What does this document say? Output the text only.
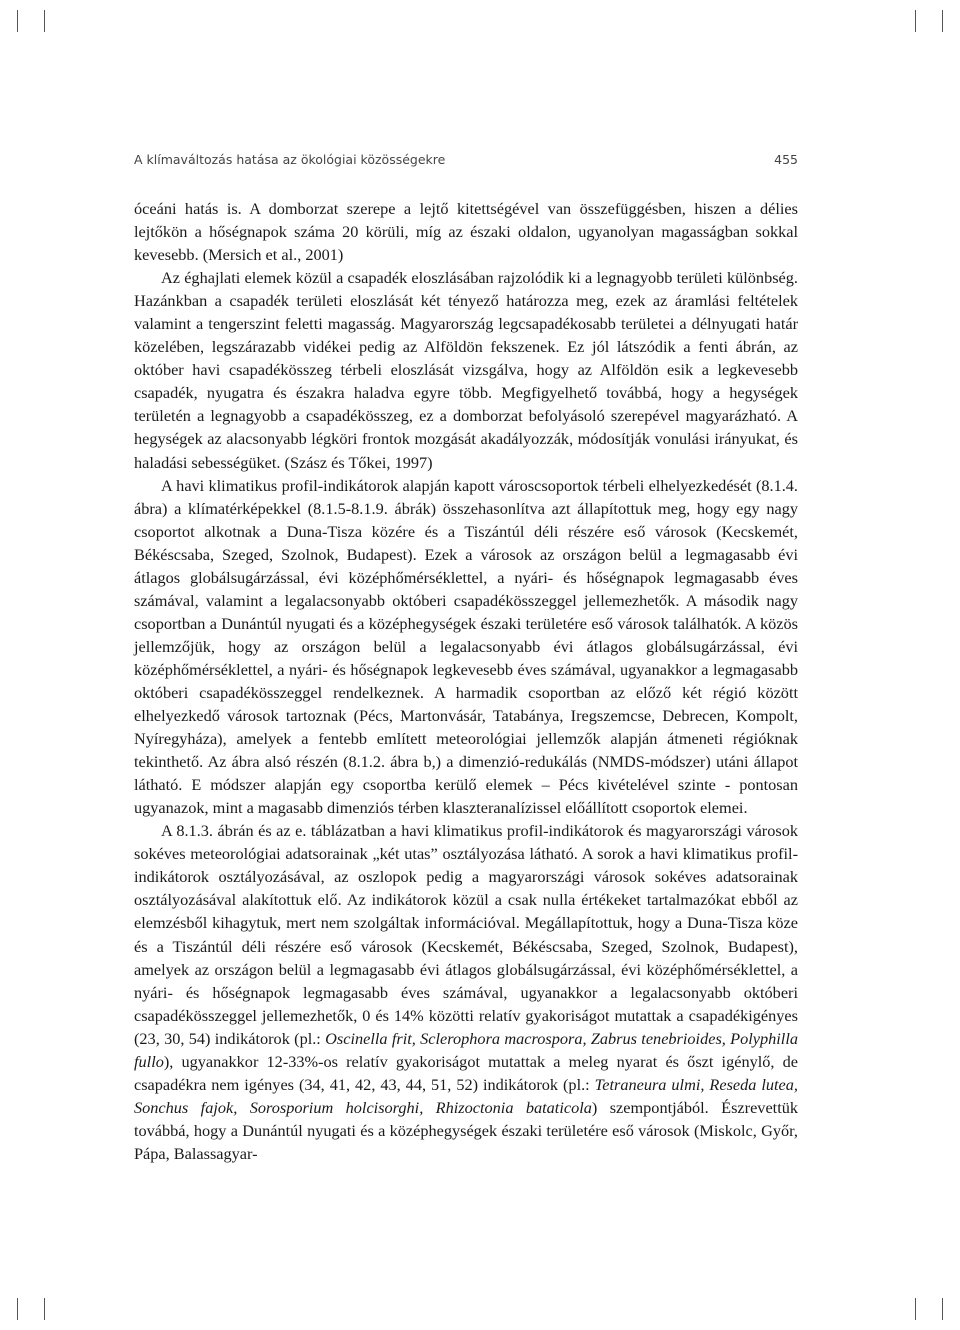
A klímaváltozás hatása az ökológiai közösségekre	455

óceáni hatás is. A domborzat szerepe a lejtő kitettségével van összefüggésben, hiszen a délies lejtőkön a hőségnapok száma 20 körüli, míg az északi oldalon, ugyanolyan magasságban sokkal kevesebb. (Mersich et al., 2001)

Az éghajlati elemek közül a csapadék eloszlásában rajzolódik ki a legnagyobb területi különbség. Hazánkban a csapadék területi eloszlását két tényező határozza meg, ezek az áramlási feltételek valamint a tengerszint feletti magasság. Magyarország legcsapadékosabb területei a délnyugati határ közelében, legszárazabb vidékei pedig az Alföldön fekszenek. Ez jól látszódik a fenti ábrán, az október havi csapadékösszeg térbeli eloszlását vizsgálva, hogy az Alföldön esik a legkevesebb csapadék, nyugatra és északra haladva egyre több. Megfigyelhető továbbá, hogy a hegységek területén a legnagyobb a csapadékösszeg, ez a domborzat befolyásoló szerepével magyarázható. A hegységek az alacsonyabb légköri frontok mozgását akadályozzák, módosítják vonulási irányukat, és haladási sebességüket. (Szász és Tőkei, 1997)

A havi klimatikus profil-indikátorok alapján kapott városcsoportok térbeli elhelyezkedését (8.1.4. ábra) a klímatérképekkel (8.1.5-8.1.9. ábrák) összehasonlítva azt állapítottuk meg, hogy egy nagy csoportot alkotnak a Duna-Tisza közére és a Tiszántúl déli részére eső városok (Kecskemét, Békéscsaba, Szeged, Szolnok, Budapest). Ezek a városok az országon belül a legmagasabb évi átlagos globálsugárzással, évi középhőmérséklettel, a nyári- és hőségnapok legmagasabb éves számával, valamint a legalacsonyabb októberi csapadékösszeggel jellemezhetők. A második nagy csoportban a Dunántúl nyugati és a középhegységek északi területére eső városok találhatók. A közös jellemzőjük, hogy az országon belül a legalacsonyabb évi átlagos globálsugárzással, évi középhőmérséklettel, a nyári- és hőségnapok legkevesebb éves számával, ugyanakkor a legmagasabb októberi csapadékösszeggel rendelkeznek. A harmadik csoportban az előző két régió között elhelyezkedő városok tartoznak (Pécs, Martonvásár, Tatabánya, Iregszemcse, Debrecen, Kompolt, Nyíregyháza), amelyek a fentebb említett meteorológiai jellemzők alapján átmeneti régióknak tekinthető. Az ábra alsó részén (8.1.2. ábra b,) a dimenzió-redukálás (NMDS-módszer) utáni állapot látható. E módszer alapján egy csoportba kerülő elemek – Pécs kivételével szinte - pontosan ugyanazok, mint a magasabb dimenziós térben klaszteranalízissel előállított csoportok elemei.

A 8.1.3. ábrán és az e. táblázatban a havi klimatikus profil-indikátorok és magyarországi városok sokéves meteorológiai adatsorainak „két utas” osztályozása látható. A sorok a havi klimatikus profil-indikátorok osztályozásával, az oszlopok pedig a magyarországi városok sokéves adatsorainak osztályozásával alakítottuk elő. Az indikátorok közül a csak nulla értékeket tartalmazókat ebből az elemzésből kihagytuk, mert nem szolgáltak információval. Megállapítottuk, hogy a Duna-Tisza köze és a Tiszántúl déli részére eső városok (Kecskemét, Békéscsaba, Szeged, Szolnok, Budapest), amelyek az országon belül a legmagasabb évi átlagos globálsugárzással, évi középhőmérséklettel, a nyári- és hőségnapok legmagasabb éves számával, ugyanakkor a legalacsonyabb októberi csapadékösszeggel jellemezhetők, 0 és 14% közötti relatív gyakoriságot mutattak a csapadékigényes (23, 30, 54) indikátorok (pl.: Oscinella frit, Sclerophora macrospora, Zabrus tenebrioides, Polyphilla fullo), ugyanakkor 12-33%-os relatív gyakoriságot mutattak a meleg nyarat és őszt igénylő, de csapadékra nem igényes (34, 41, 42, 43, 44, 51, 52) indikátorok (pl.: Tetraneura ulmi, Reseda lutea, Sonchus fajok, Sorosporium holcisorghi, Rhizoctonia bataticola) szempontjából. Észrevettük továbbá, hogy a Dunántúl nyugati és a középhegységek északi területére eső városok (Miskolc, Győr, Pápa, Balassagyar-
